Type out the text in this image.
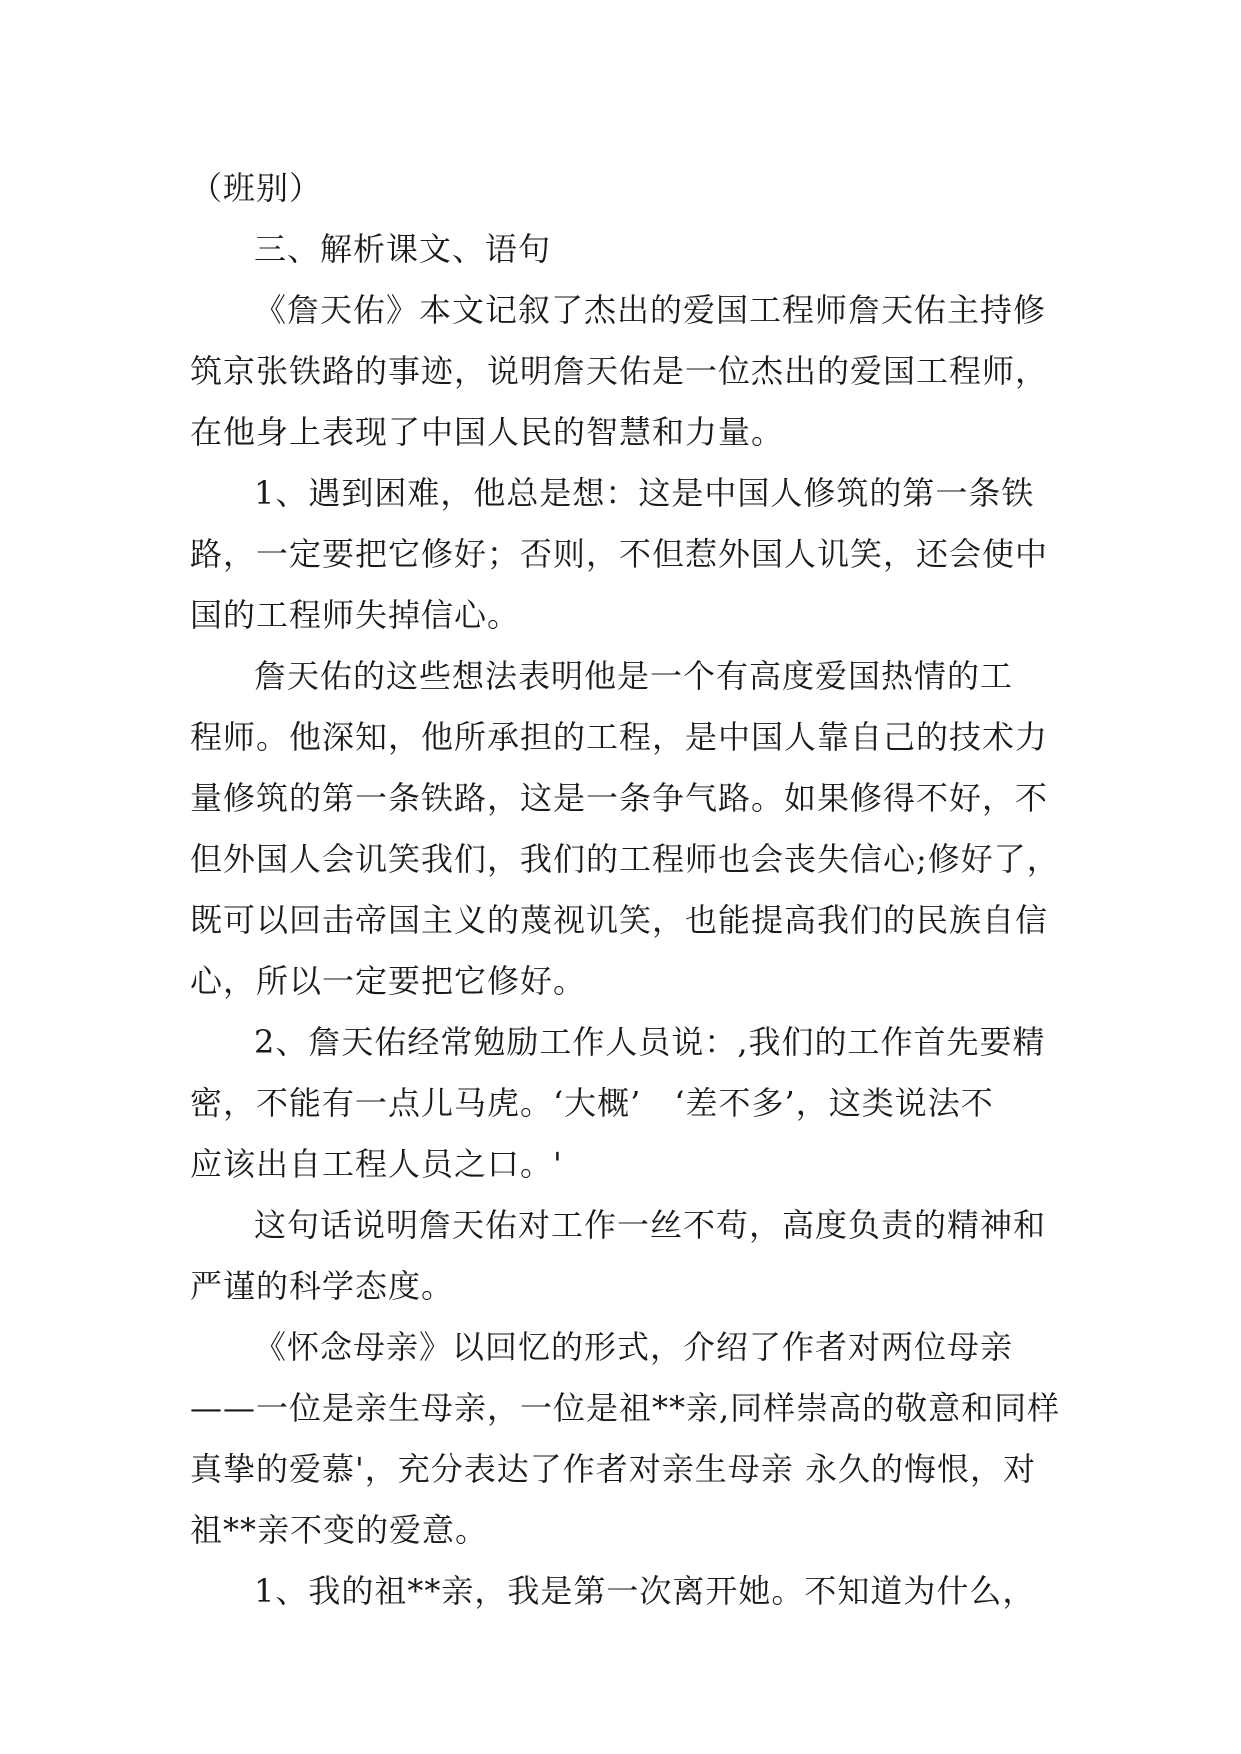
（班别）
三、解析课文、语句
《詹天佑》本文记叙了杰出的爱国工程师詹天佑主持修
筑京张铁路的事迹，说明詹天佑是一位杰出的爱国工程师，
在他身上表现了中国人民的智慧和力量。
1、遇到困难，他总是想：这是中国人修筑的第一条铁
路，一定要把它修好；否则，不但惹外国人讥笑，还会使中
国的工程师失掉信心。
詹天佑的这些想法表明他是一个有高度爱国热情的工
程师。他深知，他所承担的工程，是中国人靠自己的技术力
量修筑的第一条铁路，这是一条争气路。如果修得不好，不
但外国人会讥笑我们，我们的工程师也会丧失信心;修好了，
既可以回击帝国主义的蔑视讥笑，也能提高我们的民族自信
心，所以一定要把它修好。
2、詹天佑经常勉励工作人员说：,我们的工作首先要精
密，不能有一点儿马虎。‘大概’　‘差不多’，这类说法不
应该出自工程人员之口。'
这句话说明詹天佑对工作一丝不苟，高度负责的精神和
严谨的科学态度。
《怀念母亲》以回忆的形式，介绍了作者对两位母亲
——一位是亲生母亲，一位是祖**亲,同样崇高的敬意和同样
真挚的爱慕'，充分表达了作者对亲生母亲 永久的悔恨，对
祖**亲不变的爱意。
1、我的祖**亲，我是第一次离开她。不知道为什么，
